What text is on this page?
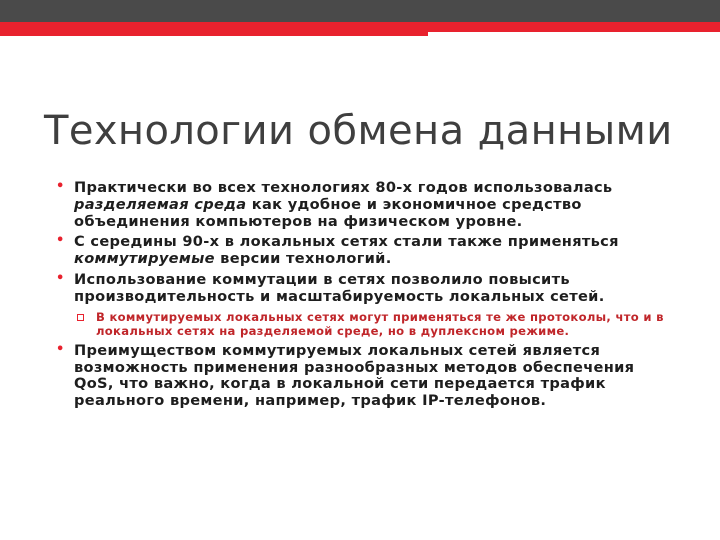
Технологии обмена данными
• Практически во всех технологиях 80-х годов использовалась разделяемая среда как удобное и экономичное средство объединения компьютеров на физическом уровне.
• С середины 90-х в локальных сетях стали также применяться коммутируемые версии технологий.
• Использование коммутации в сетях позволило повысить производительность и масштабируемость локальных сетей.
В коммутируемых локальных сетях могут применяться те же протоколы, что и в локальных сетях на разделяемой среде, но в дуплексном режиме.
• Преимуществом коммутируемых локальных сетей является возможность применения разнообразных методов обеспечения QoS, что важно, когда в локальной сети передается трафик реального времени, например, трафик IP-телефонов.
